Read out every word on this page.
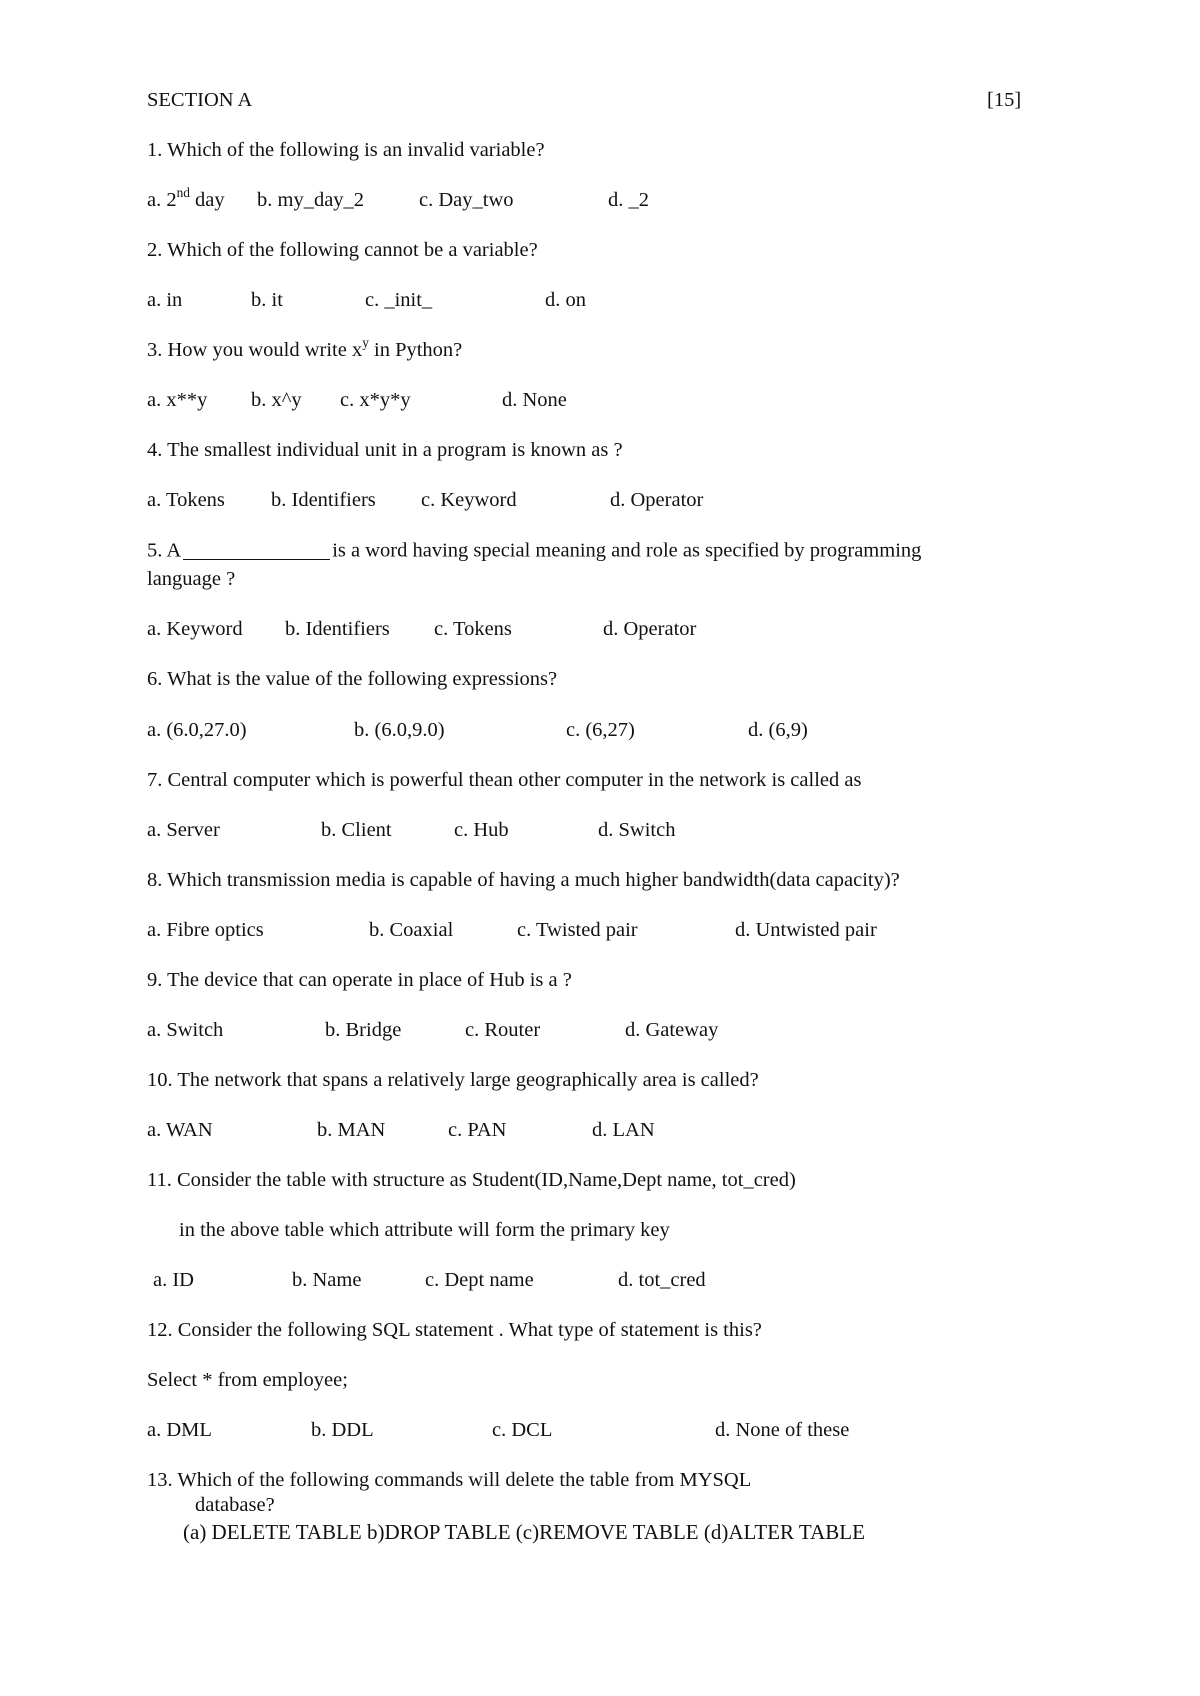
SECTION A	[15]
1. Which of the following is an invalid variable?
a. 2nd day b. my_day_2	c. Day_two	d. _2
2. Which of the following cannot be a variable?
a. in	b. it	c. _init_	d. on
3. How you would write $x^y$ in Python?
a. x**y b. x^y c. x*y*y	d. None
4. The smallest individual unit in a program is known as ?
a. Tokens b. Identifiers c. Keyword	d. Operator
5. A	is a word having special meaning and role as specified by programming
language ?
a. Keyword b. Identifiers c. Tokens	d. Operator
6. What is the value of the following expressions?
a. (6.0,27.0)	b. (6.0,9.0)	c. (6,27)	d. (6,9)
7. Central computer which is powerful thean other computer in the network is called as
a. Server	b. Client	c. Hub	d. Switch
8. Which transmission media is capable of having a much higher bandwidth(data capacity)?
a. Fibre optics	b. Coaxial	c. Twisted pair	d. Untwisted pair
9. The device that can operate in place of Hub is a ?
a. Switch	b. Bridge	c. Router	d. Gateway
10. The network that spans a relatively large geographically area is called?
a. WAN	b. MAN	c. PAN	d. LAN
11. Consider the table with structure as Student(ID,Name,Dept name, tot_cred)
in the above table which attribute will form the primary key
a. ID	b. Name	c. Dept name	d. tot_cred
12. Consider the following SQL statement . What type of statement is this?
Select * from employee;
a. DML	b. DDL	c. DCL	d. None of these
13. Which of the following commands will delete the table from MYSQL
database?
(a) DELETE TABLE b)DROP TABLE (c)REMOVE TABLE (d)ALTER TABLE
